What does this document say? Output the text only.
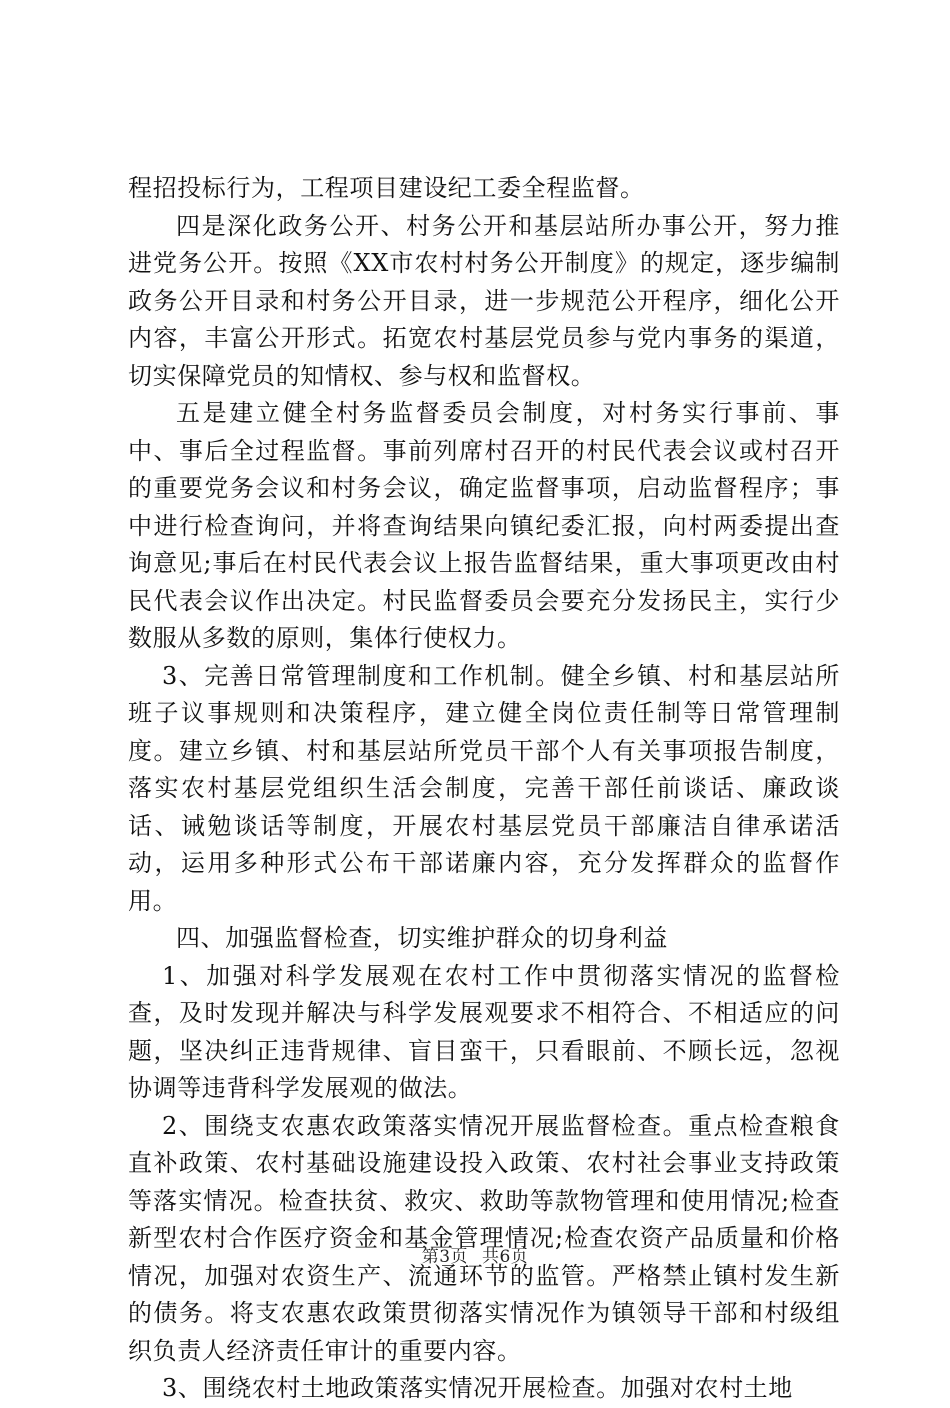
程招投标行为，工程项目建设纪工委全程监督。

四是深化政务公开、村务公开和基层站所办事公开，努力推进党务公开。按照《XX市农村村务公开制度》的规定，逐步编制政务公开目录和村务公开目录，进一步规范公开程序，细化公开内容，丰富公开形式。拓宽农村基层党员参与党内事务的渠道，切实保障党员的知情权、参与权和监督权。

五是建立健全村务监督委员会制度，对村务实行事前、事中、事后全过程监督。事前列席村召开的村民代表会议或村召开的重要党务会议和村务会议，确定监督事项，启动监督程序；事中进行检查询问，并将查询结果向镇纪委汇报，向村两委提出查询意见;事后在村民代表会议上报告监督结果，重大事项更改由村民代表会议作出决定。村民监督委员会要充分发扬民主，实行少数服从多数的原则，集体行使权力。

3、完善日常管理制度和工作机制。健全乡镇、村和基层站所班子议事规则和决策程序，建立健全岗位责任制等日常管理制度。建立乡镇、村和基层站所党员干部个人有关事项报告制度，落实农村基层党组织生活会制度，完善干部任前谈话、廉政谈话、诫勉谈话等制度，开展农村基层党员干部廉洁自律承诺活动，运用多种形式公布干部诺廉内容，充分发挥群众的监督作用。

四、加强监督检查，切实维护群众的切身利益

1、加强对科学发展观在农村工作中贯彻落实情况的监督检查，及时发现并解决与科学发展观要求不相符合、不相适应的问题，坚决纠正违背规律、盲目蛮干，只看眼前、不顾长远，忽视协调等违背科学发展观的做法。

2、围绕支农惠农政策落实情况开展监督检查。重点检查粮食直补政策、农村基础设施建设投入政策、农村社会事业支持政策等落实情况。检查扶贫、救灾、救助等款物管理和使用情况;检查新型农村合作医疗资金和基金管理情况;检查农资产品质量和价格情况，加强对农资生产、流通环节的监管。严格禁止镇村发生新的债务。将支农惠农政策贯彻落实情况作为镇领导干部和村级组织负责人经济责任审计的重要内容。

3、围绕农村土地政策落实情况开展检查。加强对农村土地

第3页 共6页
